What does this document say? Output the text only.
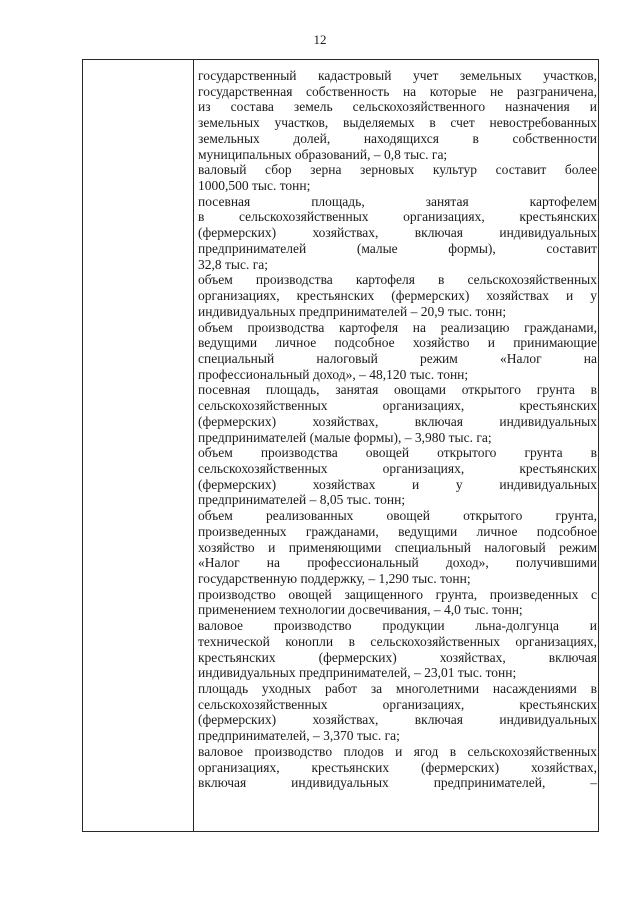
12
государственный кадастровый учет земельных участков,
государственная собственность на которые не разграничена,
из состава земель сельскохозяйственного назначения и
земельных участков, выделяемых в счет невостребованных
земельных долей, находящихся в собственности
муниципальных образований, – 0,8 тыс. га;
валовый сбор зерна зерновых культур составит более
1000,500 тыс. тонн;
посевная площадь, занятая картофелем
в сельскохозяйственных организациях, крестьянских
(фермерских) хозяйствах, включая индивидуальных
предпринимателей (малые формы), составит
32,8 тыс. га;
объем производства картофеля в сельскохозяйственных
организациях, крестьянских (фермерских) хозяйствах и у
индивидуальных предпринимателей – 20,9 тыс. тонн;
объем производства картофеля на реализацию гражданами,
ведущими личное подсобное хозяйство и принимающие
специальный налоговый режим «Налог на
профессиональный доход», – 48,120 тыс. тонн;
посевная площадь, занятая овощами открытого грунта в
сельскохозяйственных организациях, крестьянских
(фермерских) хозяйствах, включая индивидуальных
предпринимателей (малые формы), – 3,980 тыс. га;
объем производства овощей открытого грунта в
сельскохозяйственных организациях, крестьянских
(фермерских) хозяйствах и у индивидуальных
предпринимателей – 8,05 тыс. тонн;
объем реализованных овощей открытого грунта,
произведенных гражданами, ведущими личное подсобное
хозяйство и применяющими специальный налоговый режим
«Налог на профессиональный доход», получившими
государственную поддержку, – 1,290 тыс. тонн;
производство овощей защищенного грунта, произведенных с
применением технологии досвечивания, – 4,0 тыс. тонн;
валовое производство продукции льна-долгунца и
технической конопли в сельскохозяйственных организациях,
крестьянских (фермерских) хозяйствах, включая
индивидуальных предпринимателей, – 23,01 тыс. тонн;
площадь уходных работ за многолетними насаждениями в
сельскохозяйственных организациях, крестьянских
(фермерских) хозяйствах, включая индивидуальных
предпринимателей, – 3,370 тыс. га;
валовое производство плодов и ягод в сельскохозяйственных
организациях, крестьянских (фермерских) хозяйствах,
включая индивидуальных предпринимателей, –
